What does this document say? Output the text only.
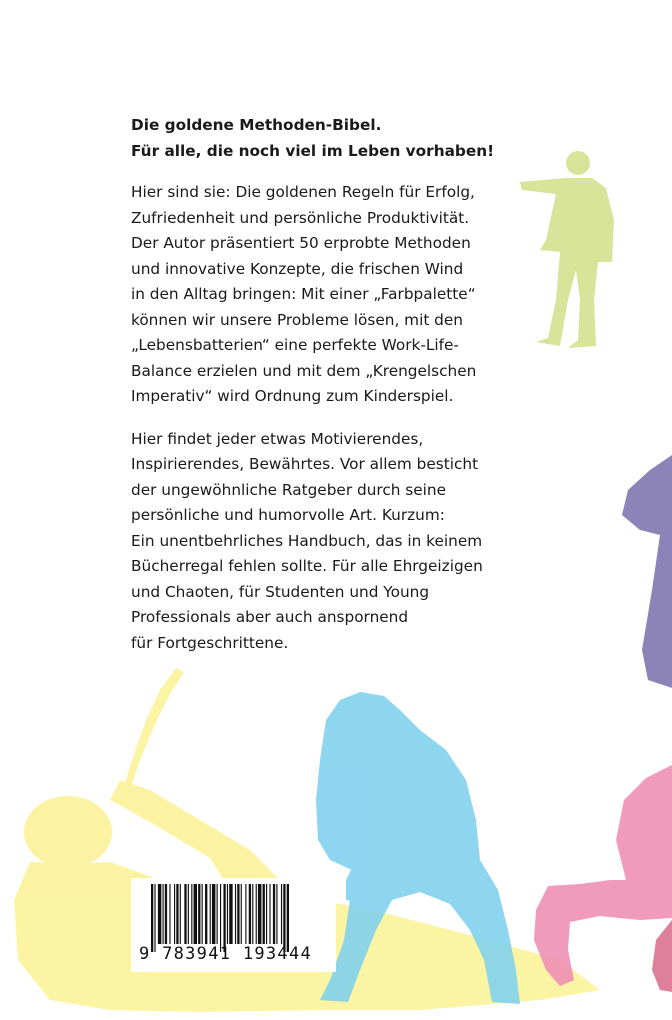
Die goldene Methoden-Bibel.
Für alle, die noch viel im Leben vorhaben!
Hier sind sie: Die goldenen Regeln für Erfolg,
Zufriedenheit und persönliche Produktivität.
Der Autor präsentiert 50 erprobte Methoden
und innovative Konzepte, die frischen Wind
in den Alltag bringen: Mit einer „Farbpalette“
können wir unsere Probleme lösen, mit den
„Lebensbatterien“ eine perfekte Work-Life-
Balance erzielen und mit dem „Krengelschen
Imperativ“ wird Ordnung zum Kinderspiel.
Hier findet jeder etwas Motivierendes,
Inspirierendes, Bewährtes. Vor allem besticht
der ungewöhnliche Ratgeber durch seine
persönliche und humorvolle Art. Kurzum:
Ein unentbehrliches Handbuch, das in keinem
Bücherregal fehlen sollte. Für alle Ehrgeizigen
und Chaoten, für Studenten und Young
Professionals aber auch anspornend
für Fortgeschrittene.
9 783941 193444
